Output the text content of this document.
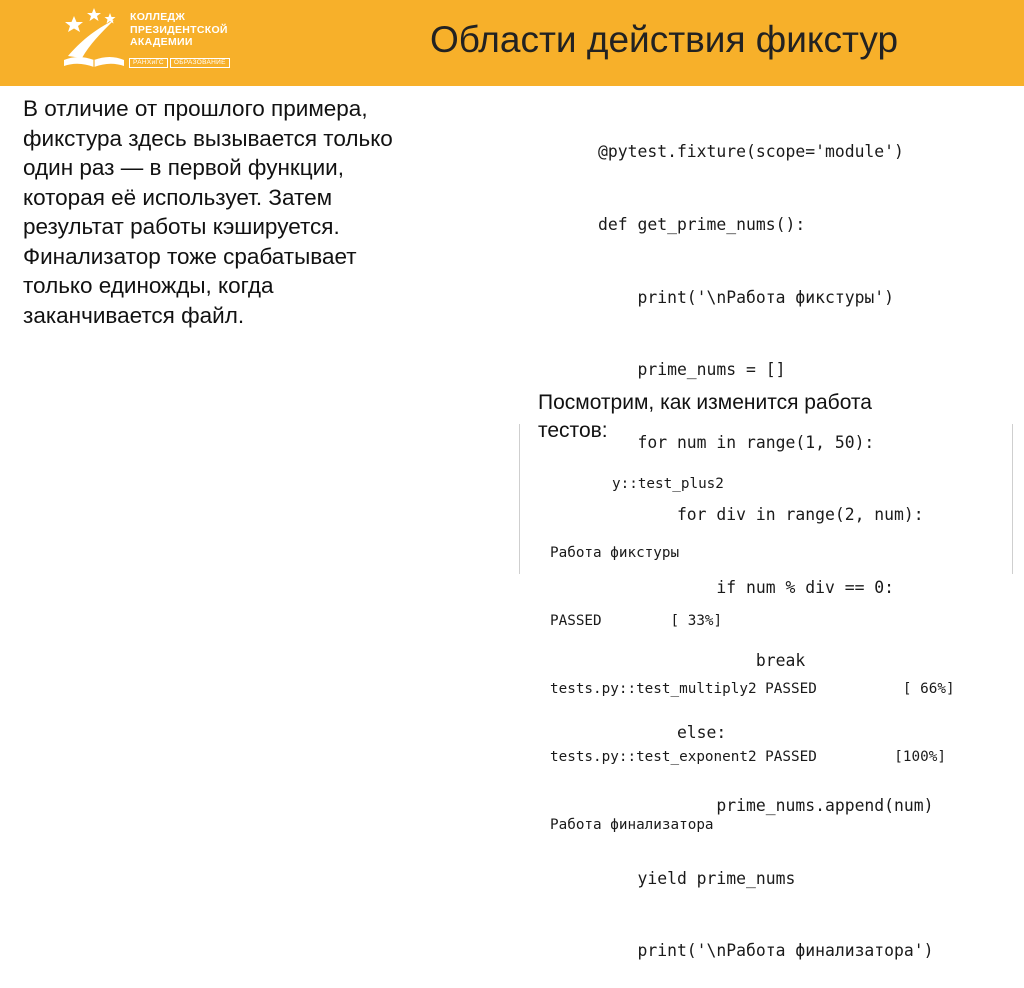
КОЛЛЕДЖ
ПРЕЗИДЕНТСКОЙ
АКАДЕМИИ
РАНХиГС	ОБРАЗОВАНИЕ
Области действия фикстур
В отличие от прошлого примера,
фикстура здесь вызывается только
один раз — в первой функции,
которая её использует. Затем
результат работы кэшируется.
Финализатор тоже срабатывает
только единожды, когда
заканчивается файл.

@pytest.fixture(scope='module')

def get_prime_nums():

print('\nРабота фикстуры')

prime_nums = []

for num in range(1, 50):

for div in range(2, num):

if num % div == 0:

break

else:

prime_nums.append(num)

yield prime_nums

print('\nРабота финализатора')

y::test_plus2

Работа фикстуры

PASSED        [ 33%]

tests.py::test_multiply2 PASSED          [ 66%]

tests.py::test_exponent2 PASSED         [100%]

Работа финализатора

Посмотрим, как изменится работа
тестов:
